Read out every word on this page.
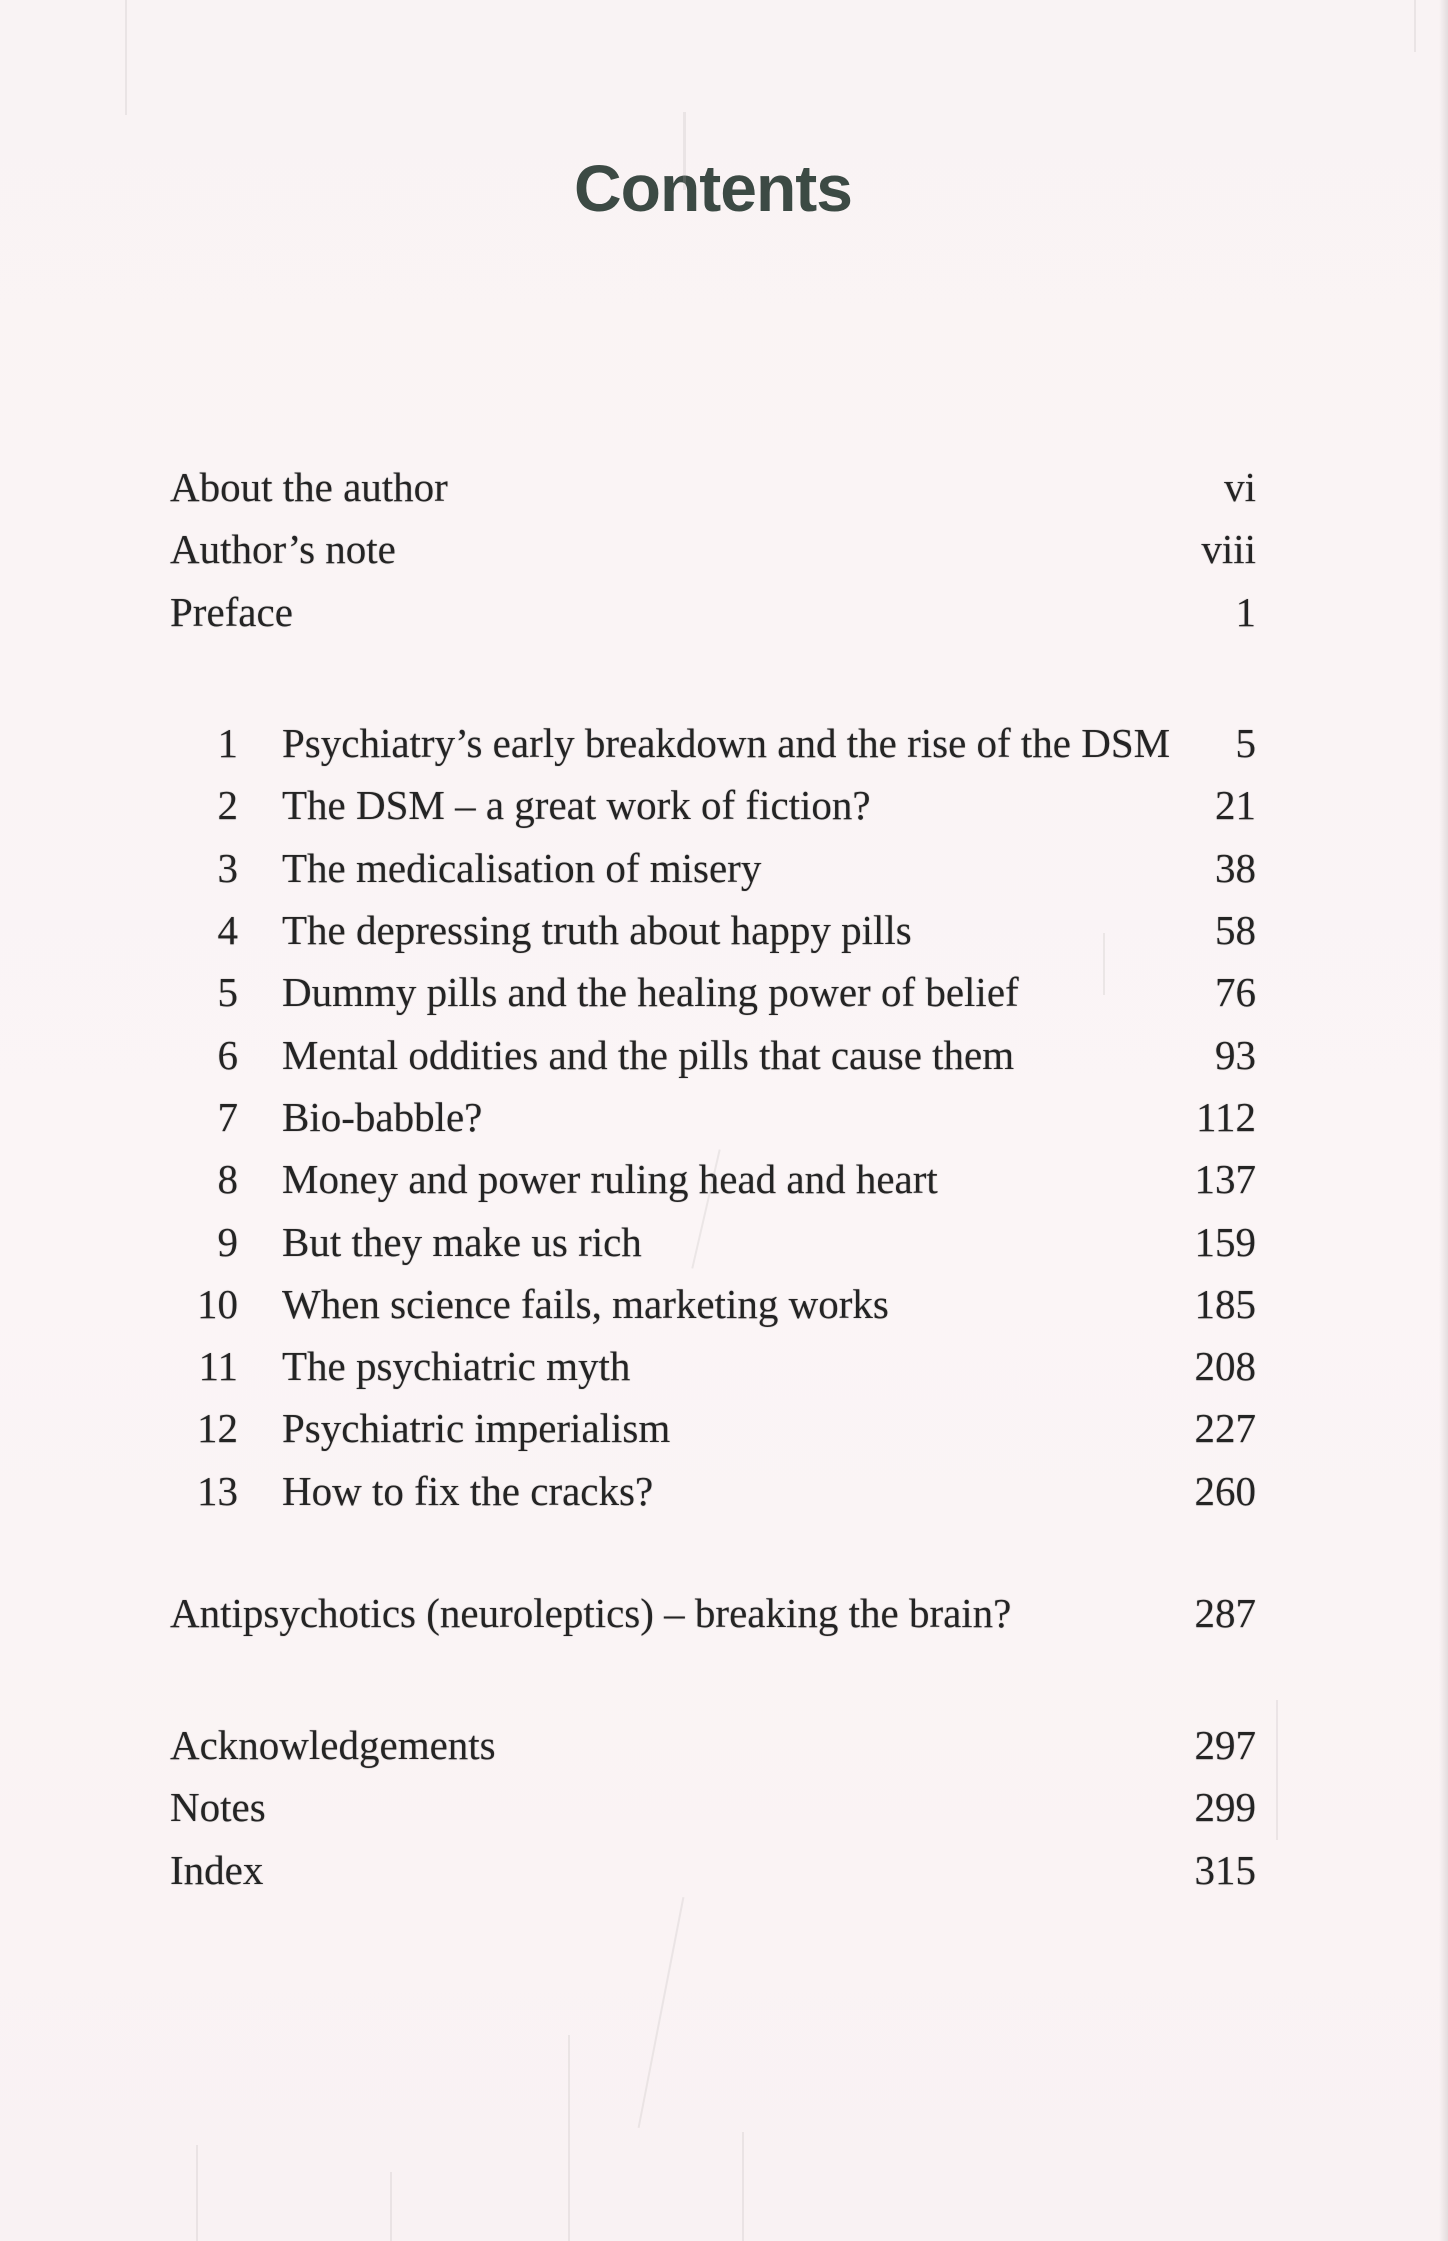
Contents
About the author	vi
Author’s note	viii
Preface	1
1 Psychiatry’s early breakdown and the rise of the DSM	5
2 The DSM – a great work of fiction?	21
3 The medicalisation of misery	38
4 The depressing truth about happy pills	58
5 Dummy pills and the healing power of belief	76
6 Mental oddities and the pills that cause them	93
7 Bio-babble?	112
8 Money and power ruling head and heart	137
9 But they make us rich	159
10 When science fails, marketing works	185
11 The psychiatric myth	208
12 Psychiatric imperialism	227
13 How to fix the cracks?	260
Antipsychotics (neuroleptics) – breaking the brain?	287
Acknowledgements	297
Notes	299
Index	315
